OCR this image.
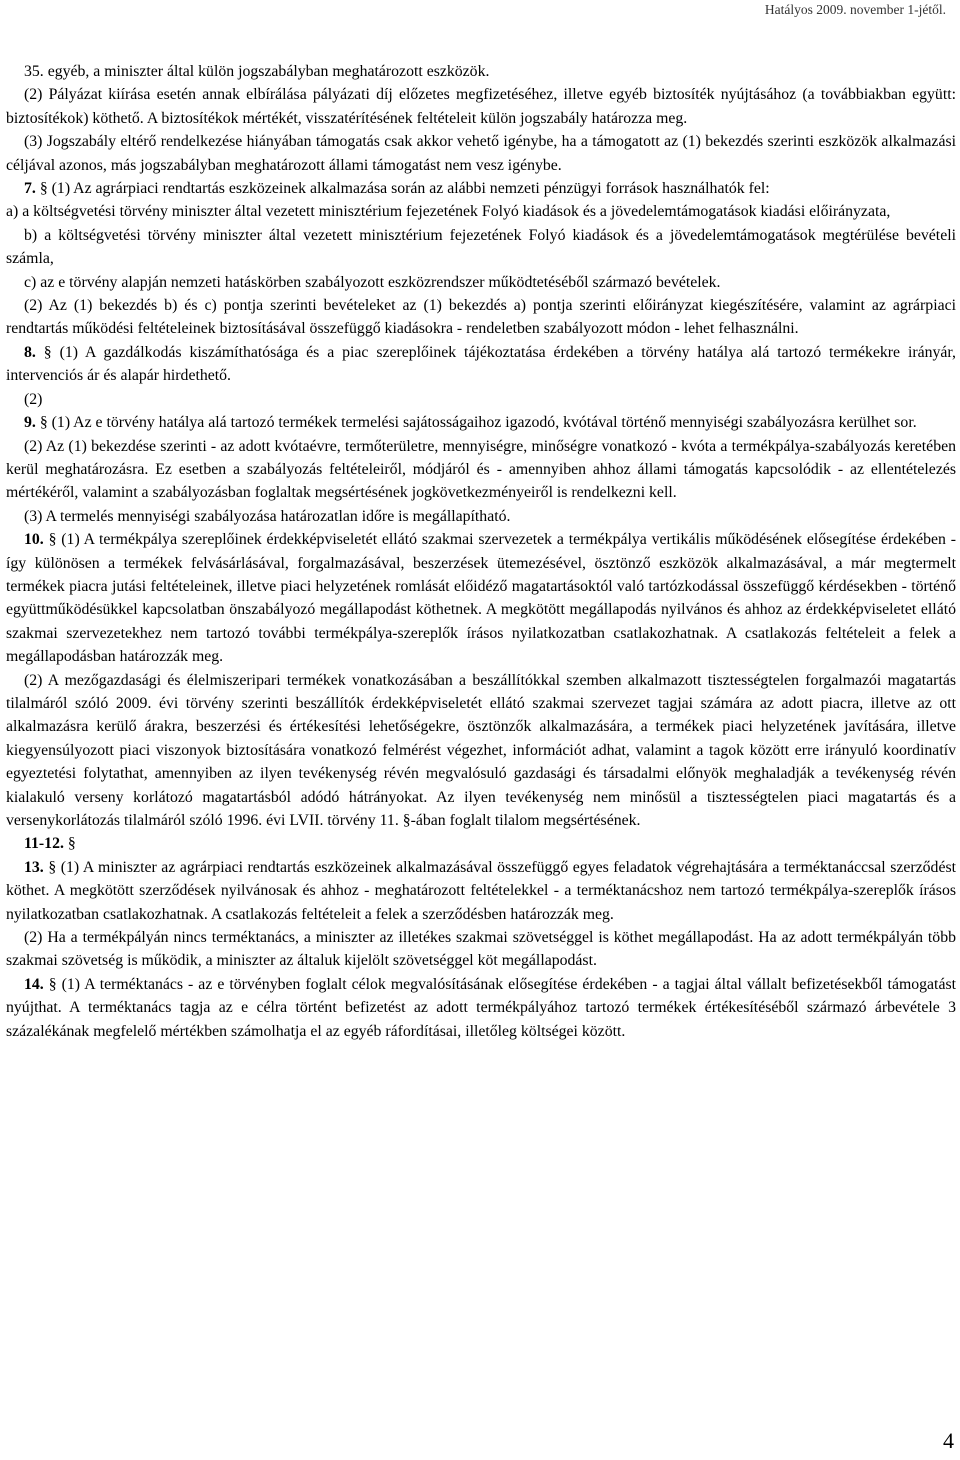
Hatályos 2009. november 1-jétől.

35. egyéb, a miniszter által külön jogszabályban meghatározott eszközök.

(2) Pályázat kiírása esetén annak elbírálása pályázati díj előzetes megfizetéséhez, illetve egyéb biztosíték nyújtásához (a továbbiakban együtt: biztosítékok) köthető. A biztosítékok mértékét, visszatérítésének feltételeit külön jogszabály határozza meg.

(3) Jogszabály eltérő rendelkezése hiányában támogatás csak akkor vehető igénybe, ha a támogatott az (1) bekezdés szerinti eszközök alkalmazási céljával azonos, más jogszabályban meghatározott állami támogatást nem vesz igénybe.

7. § (1) Az agrárpiaci rendtartás eszközeinek alkalmazása során az alábbi nemzeti pénzügyi források használhatók fel:

a) a költségvetési törvény miniszter által vezetett minisztérium fejezetének Folyó kiadások és a jövedelemtámogatások kiadási előirányzata,

b) a költségvetési törvény miniszter által vezetett minisztérium fejezetének Folyó kiadások és a jövedelemtámogatások megtérülése bevételi számla,

c) az e törvény alapján nemzeti hatáskörben szabályozott eszközrendszer működtetéséből származó bevételek.

(2) Az (1) bekezdés b) és c) pontja szerinti bevételeket az (1) bekezdés a) pontja szerinti előirányzat kiegészítésére, valamint az agrárpiaci rendtartás működési feltételeinek biztosításával összefüggő kiadásokra - rendeletben szabályozott módon - lehet felhasználni.

8. § (1) A gazdálkodás kiszámíthatósága és a piac szereplőinek tájékoztatása érdekében a törvény hatálya alá tartozó termékekre irányár, intervenciós ár és alapár hirdethető.

(2)

9. § (1) Az e törvény hatálya alá tartozó termékek termelési sajátosságaihoz igazodó, kvótával történő mennyiségi szabályozásra kerülhet sor.

(2) Az (1) bekezdése szerinti - az adott kvótaévre, termőterületre, mennyiségre, minőségre vonatkozó - kvóta a termékpálya-szabályozás keretében kerül meghatározásra. Ez esetben a szabályozás feltételeiről, módjáról és - amennyiben ahhoz állami támogatás kapcsolódik - az ellentételezés mértékéről, valamint a szabályozásban foglaltak megsértésének jogkövetkezményeiről is rendelkezni kell.

(3) A termelés mennyiségi szabályozása határozatlan időre is megállapítható.

10. § (1) A termékpálya szereplőinek érdekképviseletét ellátó szakmai szervezetek a termékpálya vertikális működésének elősegítése érdekében - így különösen a termékek felvásárlásával, forgalmazásával, beszerzések ütemezésével, ösztönző eszközök alkalmazásával, a már megtermelt termékek piacra jutási feltételeinek, illetve piaci helyzetének romlását előidéző magatartásoktól való tartózkodással összefüggő kérdésekben - történő együttműködésükkel kapcsolatban önszabályozó megállapodást köthetnek. A megkötött megállapodás nyilvános és ahhoz az érdekképviseletet ellátó szakmai szervezetekhez nem tartozó további termékpálya-szereplők írásos nyilatkozatban csatlakozhatnak. A csatlakozás feltételeit a felek a megállapodásban határozzák meg.

(2) A mezőgazdasági és élelmiszeripari termékek vonatkozásában a beszállítókkal szemben alkalmazott tisztességtelen forgalmazói magatartás tilalmáról szóló 2009. évi törvény szerinti beszállítók érdekképviseletét ellátó szakmai szervezet tagjai számára az adott piacra, illetve az ott alkalmazásra kerülő árakra, beszerzési és értékesítési lehetőségekre, ösztönzők alkalmazására, a termékek piaci helyzetének javítására, illetve kiegyensúlyozott piaci viszonyok biztosítására vonatkozó felmérést végezhet, információt adhat, valamint a tagok között erre irányuló koordinatív egyeztetési folytathat, amennyiben az ilyen tevékenység révén megvalósuló gazdasági és társadalmi előnyök meghaladják a tevékenység révén kialakuló verseny korlátozó magatartásból adódó hátrányokat. Az ilyen tevékenység nem minősül a tisztességtelen piaci magatartás és a versenykorlátozás tilalmáról szóló 1996. évi LVII. törvény 11. §-ában foglalt tilalom megsértésének.

11-12. §

13. § (1) A miniszter az agrárpiaci rendtartás eszközeinek alkalmazásával összefüggő egyes feladatok végrehajtására a terméktanáccsal szerződést köthet. A megkötött szerződések nyilvánosak és ahhoz - meghatározott feltételekkel - a terméktanácshoz nem tartozó termékpálya-szereplők írásos nyilatkozatban csatlakozhatnak. A csatlakozás feltételeit a felek a szerződésben határozzák meg.

(2) Ha a termékpályán nincs terméktanács, a miniszter az illetékes szakmai szövetséggel is köthet megállapodást. Ha az adott termékpályán több szakmai szövetség is működik, a miniszter az általuk kijelölt szövetséggel köt megállapodást.

14. § (1) A terméktanács - az e törvényben foglalt célok megvalósításának elősegítése érdekében - a tagjai által vállalt befizetésekből támogatást nyújthat. A terméktanács tagja az e célra történt befizetést az adott termékpályához tartozó termékek értékesítéséből származó árbevétele 3 százalékának megfelelő mértékben számolhatja el az egyéb ráfordításai, illetőleg költségei között.

4
